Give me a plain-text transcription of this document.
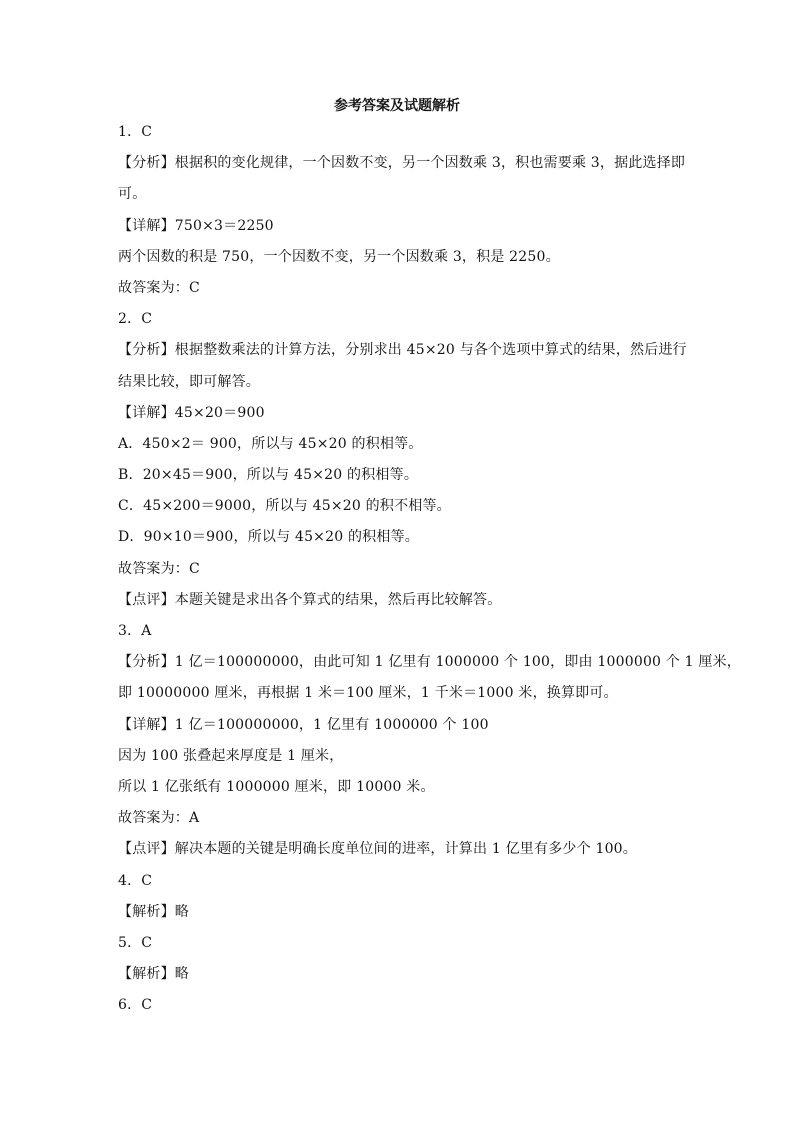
参考答案及试题解析
1．C
【分析】根据积的变化规律，一个因数不变，另一个因数乘 3，积也需要乘 3，据此选择即
可。
【详解】750×3＝2250
两个因数的积是 750，一个因数不变，另一个因数乘 3，积是 2250。
故答案为：C
2．C
【分析】根据整数乘法的计算方法，分别求出 45×20 与各个选项中算式的结果，然后进行
结果比较，即可解答。
【详解】45×20＝900
A．450×2＝ 900，所以与 45×20 的积相等。
B．20×45＝900，所以与 45×20 的积相等。
C．45×200＝9000，所以与 45×20 的积不相等。
D．90×10＝900，所以与 45×20 的积相等。
故答案为：C
【点评】本题关键是求出各个算式的结果，然后再比较解答。
3．A
【分析】1 亿＝100000000，由此可知 1 亿里有 1000000 个 100，即由 1000000 个 1 厘米，
即 10000000 厘米，再根据 1 米＝100 厘米，1 千米＝1000 米，换算即可。
【详解】1 亿＝100000000，1 亿里有 1000000 个 100
因为 100 张叠起来厚度是 1 厘米，
所以 1 亿张纸有 1000000 厘米，即 10000 米。
故答案为：A
【点评】解决本题的关键是明确长度单位间的进率，计算出 1 亿里有多少个 100。
4．C
【解析】略
5．C
【解析】略
6．C
